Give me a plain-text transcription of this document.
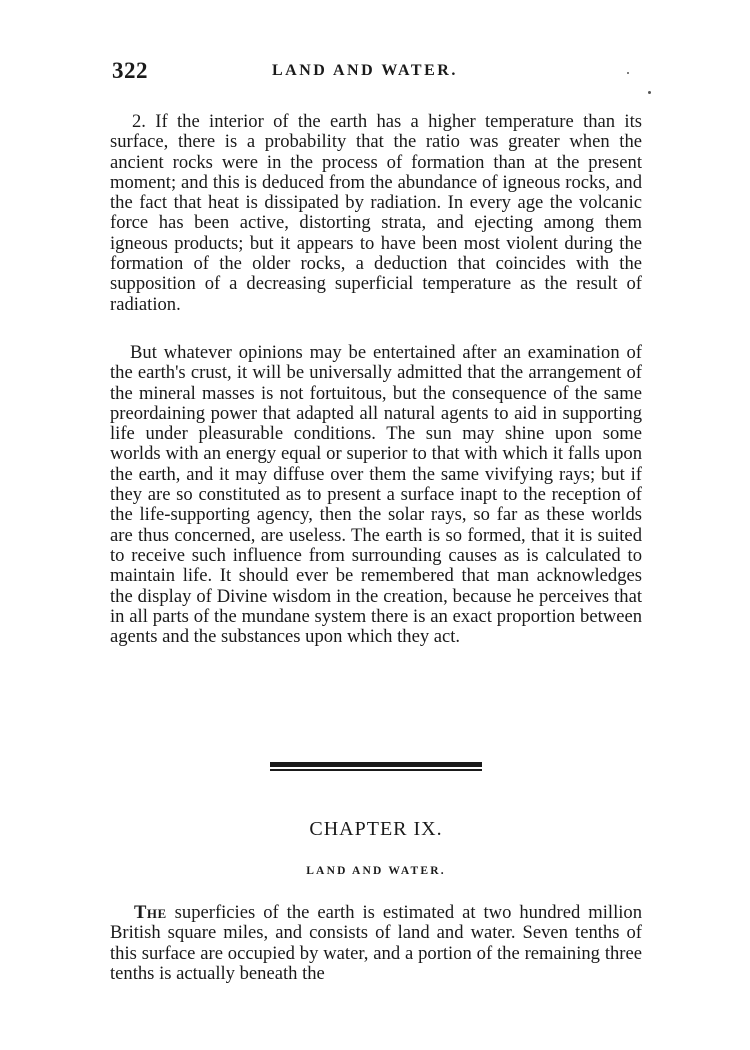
322	LAND AND WATER.

2. If the interior of the earth has a higher temperature than its surface, there is a probability that the ratio was greater when the ancient rocks were in the process of formation than at the present moment; and this is deduced from the abundance of igneous rocks, and the fact that heat is dissipated by radiation. In every age the volcanic force has been active, distorting strata, and ejecting among them igneous products; but it appears to have been most violent during the formation of the older rocks, a deduction that coincides with the supposition of a decreasing superficial temperature as the result of radiation.

But whatever opinions may be entertained after an examination of the earth's crust, it will be universally admitted that the arrangement of the mineral masses is not fortuitous, but the consequence of the same preordaining power that adapted all natural agents to aid in supporting life under pleasurable conditions. The sun may shine upon some worlds with an energy equal or superior to that with which it falls upon the earth, and it may diffuse over them the same vivifying rays; but if they are so constituted as to present a surface inapt to the reception of the life-supporting agency, then the solar rays, so far as these worlds are thus concerned, are useless. The earth is so formed, that it is suited to receive such influence from surrounding causes as is calculated to maintain life. It should ever be remembered that man acknowledges the display of Divine wisdom in the creation, because he perceives that in all parts of the mundane system there is an exact proportion between agents and the substances upon which they act.

CHAPTER IX.
LAND AND WATER.

The superficies of the earth is estimated at two hundred million British square miles, and consists of land and water. Seven tenths of this surface are occupied by water, and a portion of the remaining three tenths is actually beneath the
